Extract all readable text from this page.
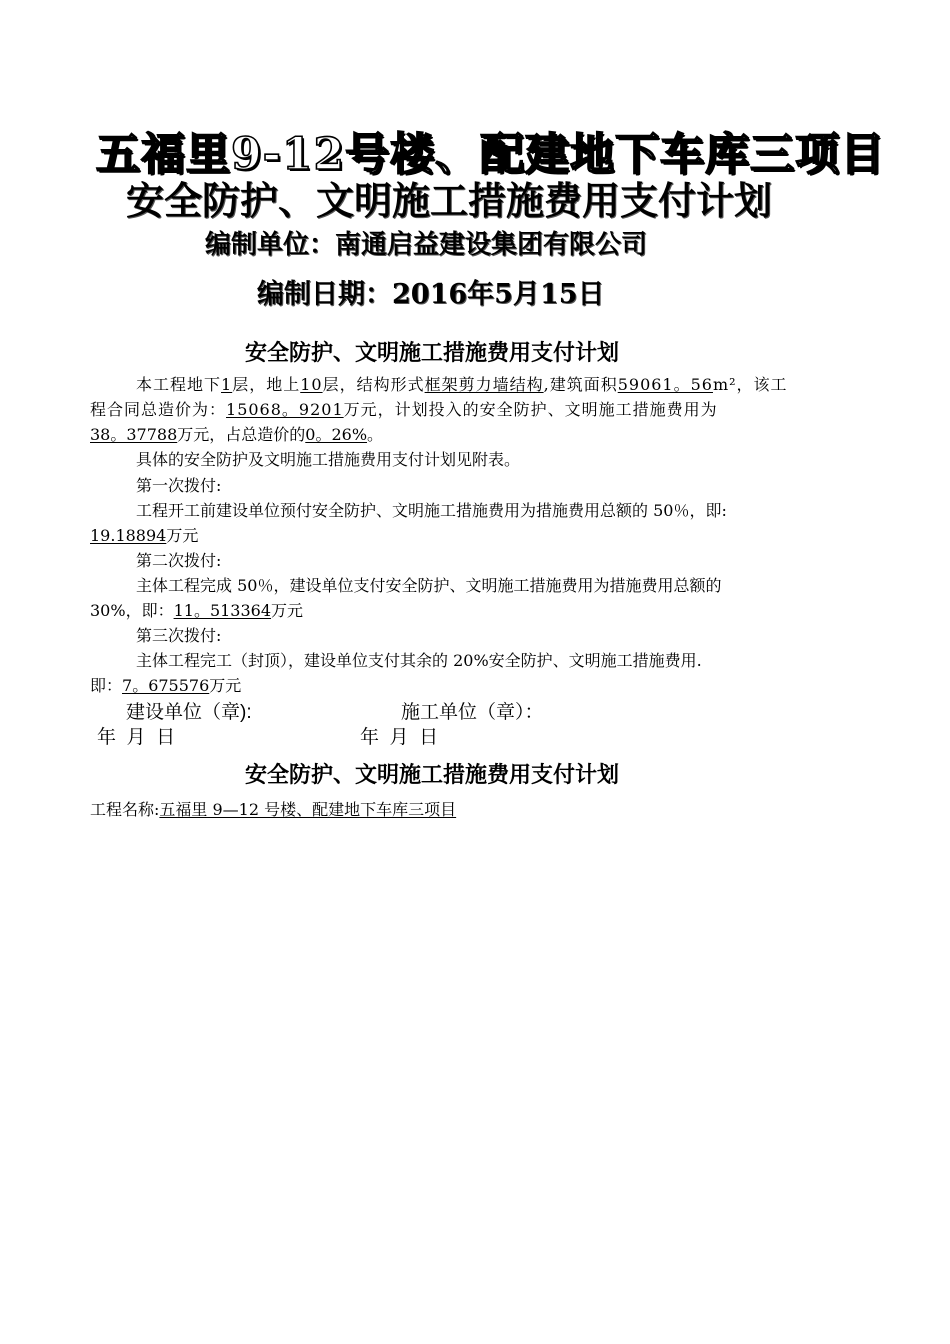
五福里9-12号楼、配建地下车库三项目
安全防护、文明施工措施费用支付计划
编制单位：南通启益建设集团有限公司
编制日期：2016年5月15日
安全防护、文明施工措施费用支付计划
本工程地下1层，地上10层，结构形式框架剪力墙结构,建筑面积59061。56m²，该工
程合同总造价为：15068。9201万元，计划投入的安全防护、文明施工措施费用为
38。37788万元，占总造价的0。26%。
具体的安全防护及文明施工措施费用支付计划见附表。
第一次拨付:
工程开工前建设单位预付安全防护、文明施工措施费用为措施费用总额的 50％，即:
19.18894万元
第二次拨付:
主体工程完成 50％，建设单位支付安全防护、文明施工措施费用为措施费用总额的
30%，即：11。513364万元
第三次拨付:
主体工程完工（封顶），建设单位支付其余的 20%安全防护、文明施工措施费用.
即：7。675576万元
建设单位（章):	施工单位（章）：
年  月  日	年  月  日
安全防护、文明施工措施费用支付计划
工程名称:五福里 9—12 号楼、配建地下车库三项目
